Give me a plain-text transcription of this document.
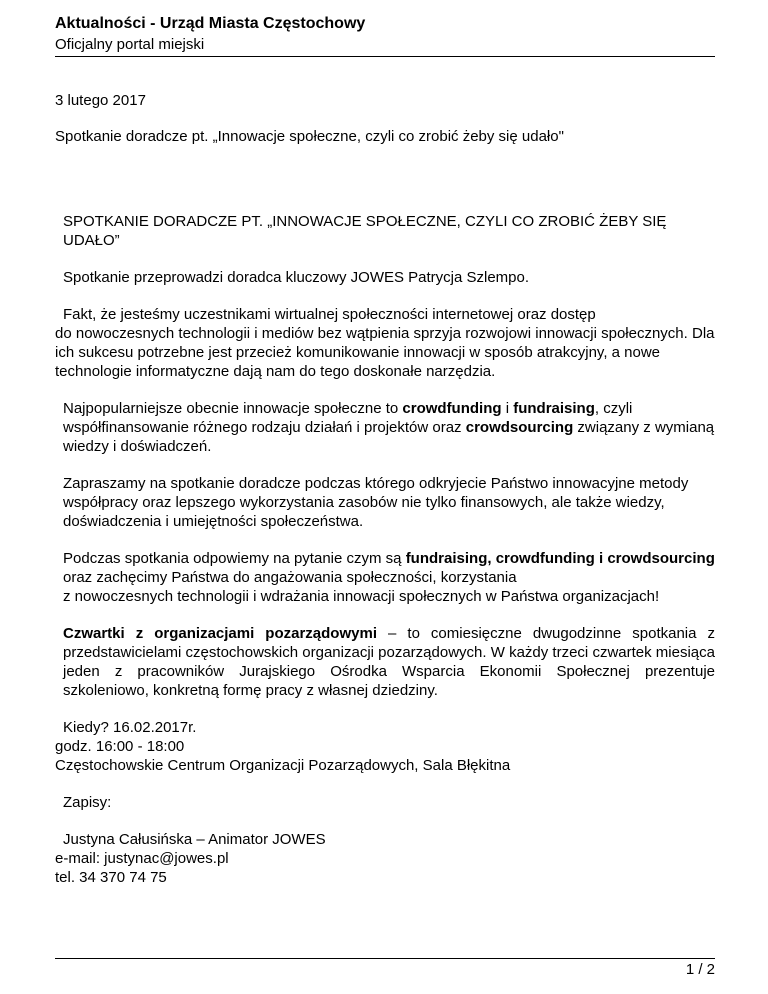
Aktualności - Urząd Miasta Częstochowy
Oficjalny portal miejski
3 lutego 2017
Spotkanie doradcze pt. „Innowacje społeczne, czyli co zrobić żeby się udało"

SPOTKANIE DORADCZE PT. „INNOWACJE SPOŁECZNE, CZYLI CO ZROBIĆ ŻEBY SIĘ UDAŁO”

Spotkanie przeprowadzi doradca kluczowy JOWES Patrycja Szlempo.

Fakt, że jesteśmy uczestnikami wirtualnej społeczności internetowej oraz dostęp
do nowoczesnych technologii i mediów bez wątpienia sprzyja rozwojowi innowacji społecznych. Dla ich sukcesu potrzebne jest przecież komunikowanie innowacji w sposób atrakcyjny, a nowe technologie informatyczne dają nam do tego doskonałe narzędzia.

Najpopularniejsze obecnie innowacje społeczne to crowdfunding i fundraising, czyli współfinansowanie różnego rodzaju działań i projektów oraz crowdsourcing związany z wymianą wiedzy i doświadczeń.

Zapraszamy na spotkanie doradcze podczas którego odkryjecie Państwo innowacyjne metody współpracy oraz lepszego wykorzystania zasobów nie tylko finansowych, ale także wiedzy, doświadczenia i umiejętności społeczeństwa.

Podczas spotkania odpowiemy na pytanie czym są fundraising, crowdfunding i crowdsourcing oraz zachęcimy Państwa do angażowania społeczności, korzystania
z nowoczesnych technologii i wdrażania innowacji społecznych w Państwa organizacjach!

Czwartki z organizacjami pozarządowymi – to comiesięczne dwugodzinne spotkania z przedstawicielami częstochowskich organizacji pozarządowych. W każdy trzeci czwartek miesiąca jeden z pracowników Jurajskiego Ośrodka Wsparcia Ekonomii Społecznej prezentuje szkoleniowo, konkretną formę pracy z własnej dziedziny.

Kiedy? 16.02.2017r.
godz. 16:00 - 18:00
Częstochowskie Centrum Organizacji Pozarządowych, Sala Błękitna

Zapisy:

Justyna Całusińska – Animator JOWES
e-mail: justynac@jowes.pl
tel. 34 370 74 75

1 / 2
